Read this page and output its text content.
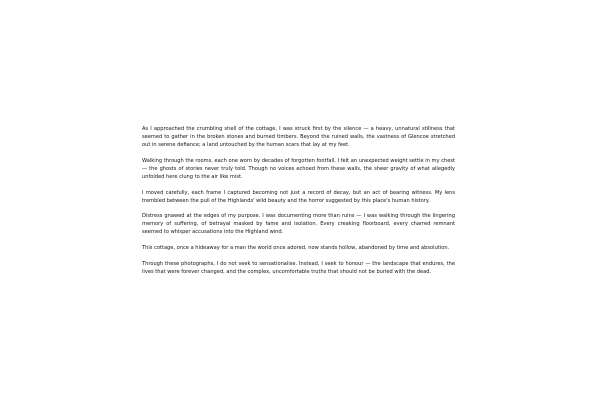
As I approached the crumbling shell of the cottage, I was struck first by the silence — a heavy, unnatural stillness that seemed to gather in the broken stones and burned timbers. Beyond the ruined walls, the vastness of Glencoe stretched out in serene defiance; a land untouched by the human scars that lay at my feet.

Walking through the rooms, each one worn by decades of forgotten footfall, I felt an unexpected weight settle in my chest — the ghosts of stories never truly told. Though no voices echoed from these walls, the sheer gravity of what allegedly unfolded here clung to the air like mist.

I moved carefully, each frame I captured becoming not just a record of decay, but an act of bearing witness. My lens trembled between the pull of the Highlands' wild beauty and the horror suggested by this place's human history.

Distress gnawed at the edges of my purpose. I was documenting more than ruins — I was walking through the lingering memory of suffering, of betrayal masked by fame and isolation. Every creaking floorboard, every charred remnant seemed to whisper accusations into the Highland wind.

This cottage, once a hideaway for a man the world once adored, now stands hollow, abandoned by time and absolution.

Through these photographs, I do not seek to sensationalise. Instead, I seek to honour — the landscape that endures, the lives that were forever changed, and the complex, uncomfortable truths that should not be buried with the dead.
